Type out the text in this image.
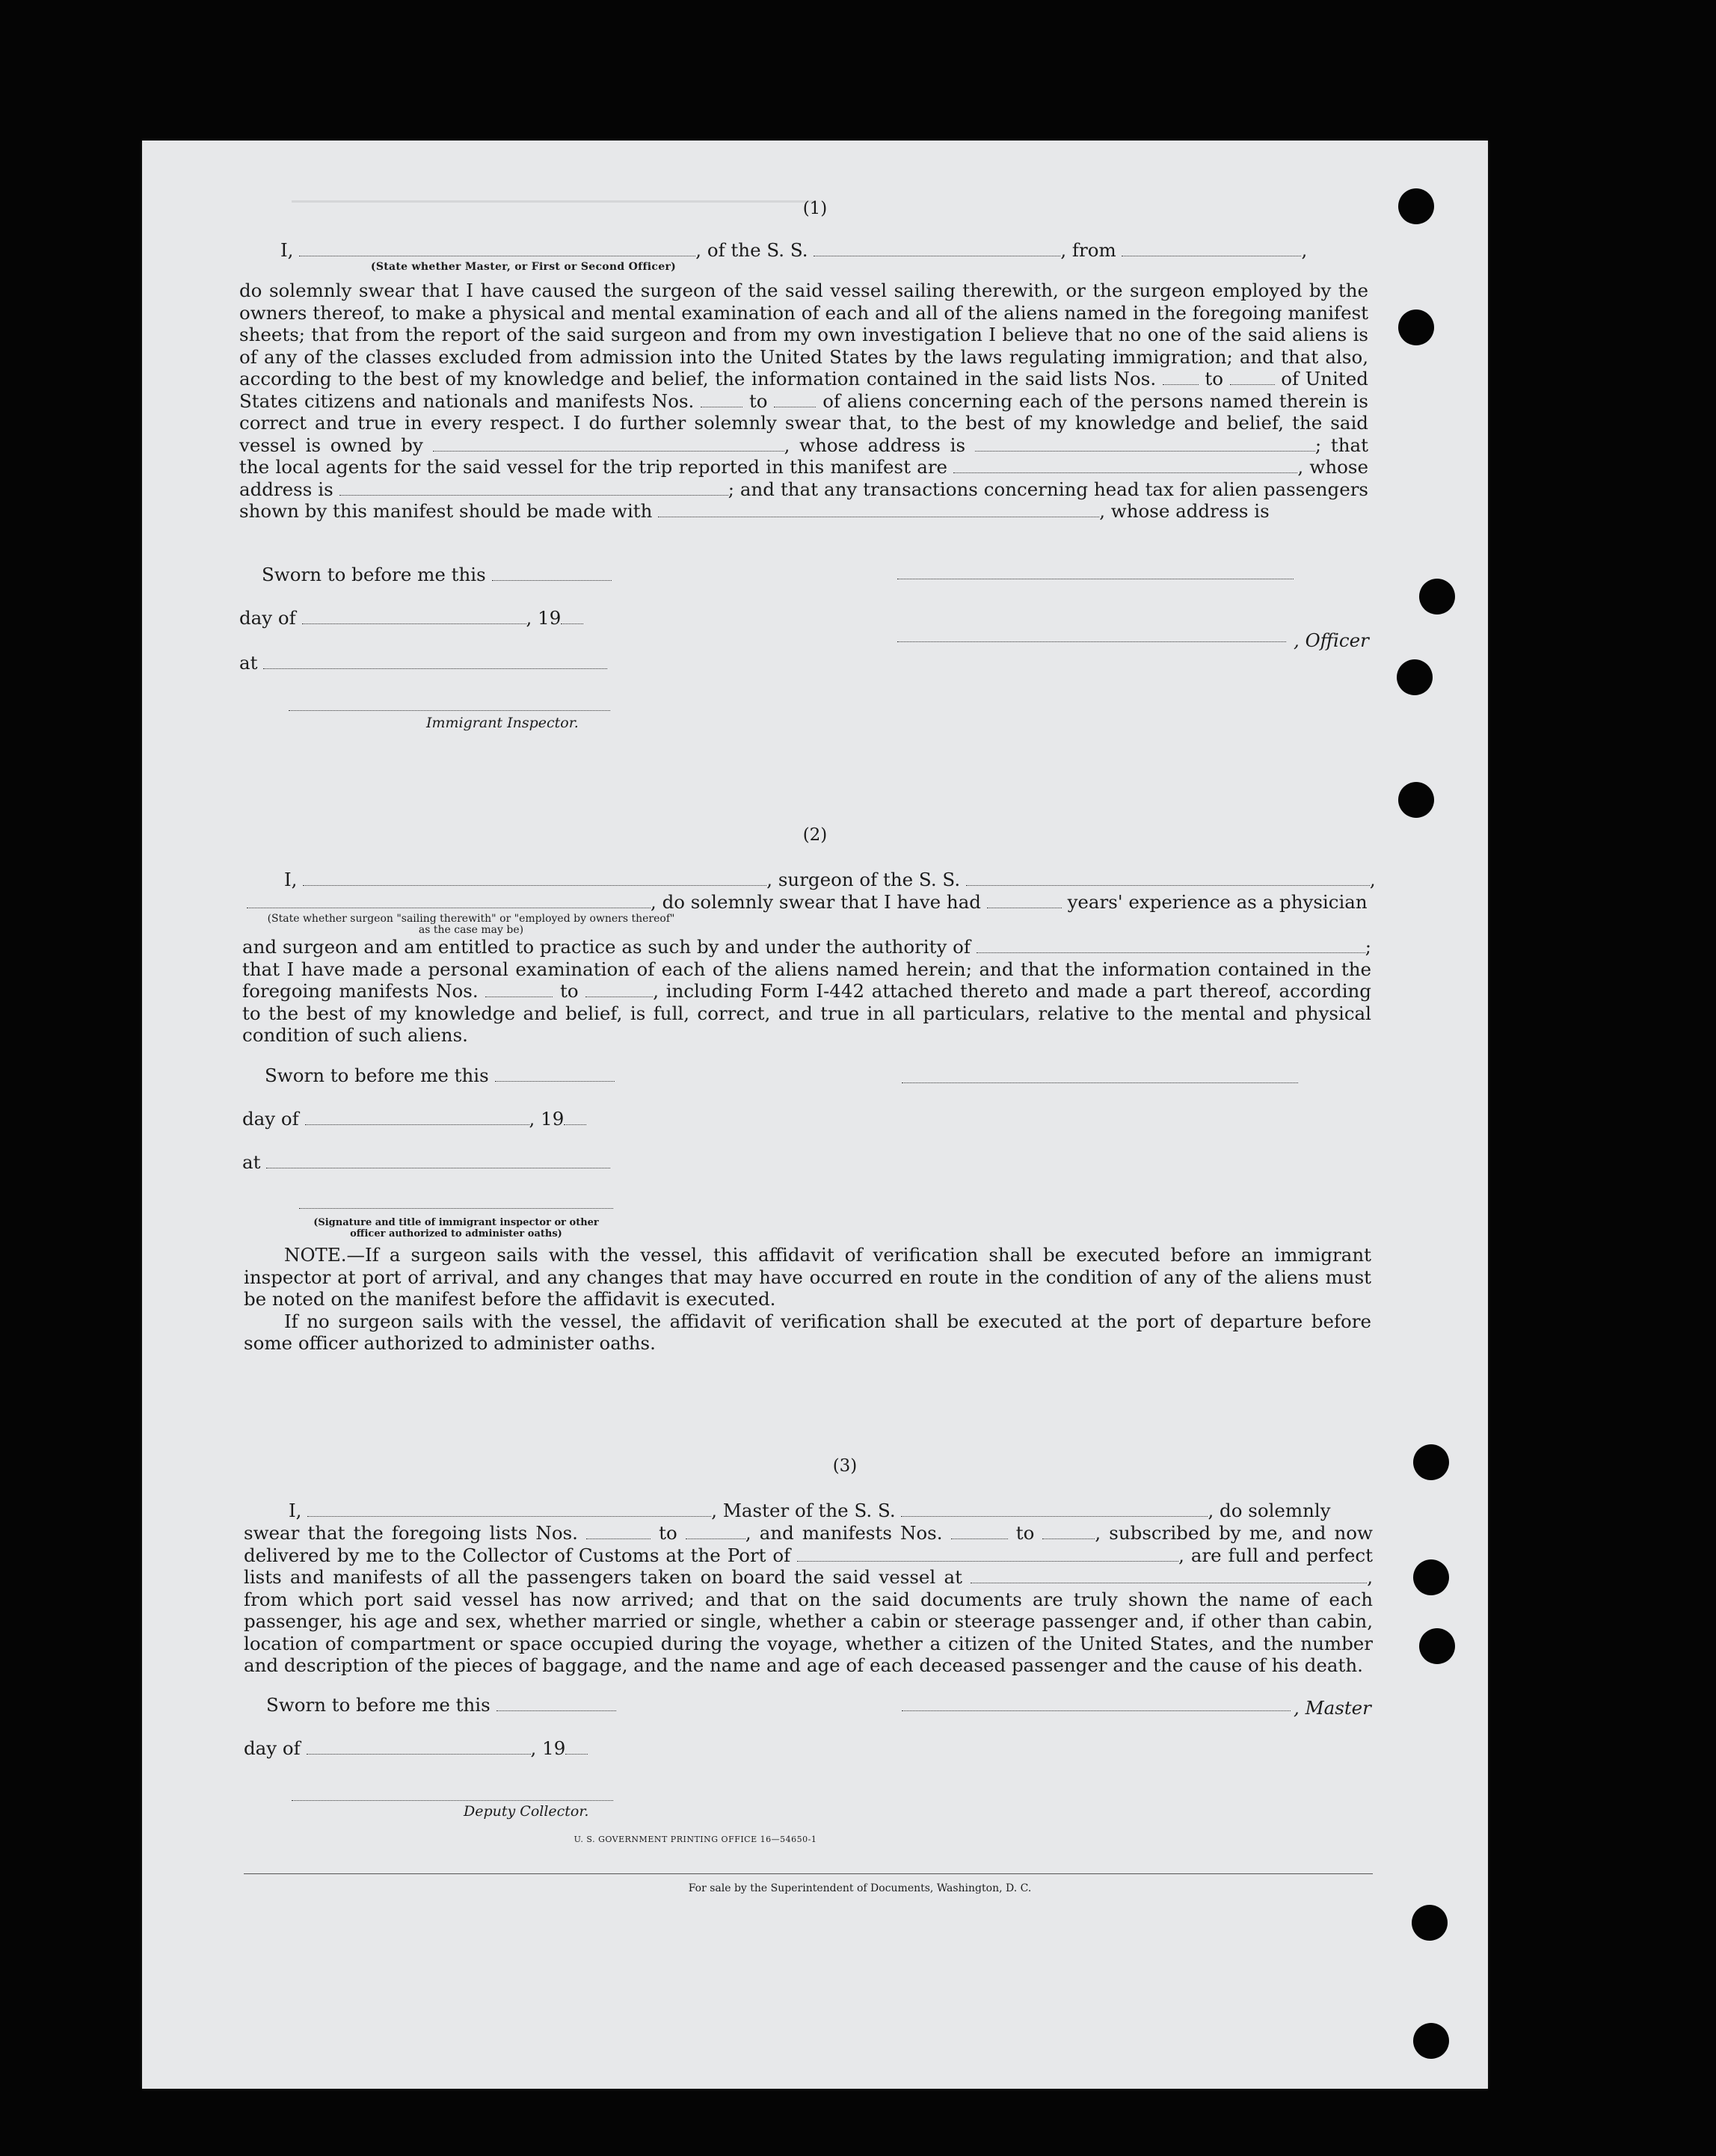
(1)
I,	, of the S. S.	, from	,
(State whether Master, or First or Second Officer)

do solemnly swear that I have caused the surgeon of the said vessel sailing therewith, or the surgeon employed by the owners thereof, to make a physical and mental examination of each and all of the aliens named in the foregoing manifest sheets; that from the report of the said surgeon and from my own investigation I believe that no one of the said aliens is of any of the classes excluded from admission into the United States by the laws regulating immigration; and that also, according to the best of my knowledge and belief, the information contained in the said lists Nos.	to	of United States citizens and nationals and manifests Nos.	to	of aliens concerning each of the persons named therein is correct and true in every respect. I do further solemnly swear that, to the best of my knowledge and belief, the said vessel is owned by	, whose address is	; that the local agents for the said vessel for the trip reported in this manifest are	, whose address is	; and that any transactions concerning head tax for alien passengers shown by this manifest should be made with	, whose address is

Sworn to before me this
day of	, 19
, Officer
at
Immigrant Inspector.
(2)
I,	, surgeon of the S. S.	,
, do solemnly swear that I have had	years' experience as a physician
(State whether surgeon "sailing therewith" or "employed by owners thereof" as the case may be)

and surgeon and am entitled to practice as such by and under the authority of	; that I have made a personal examination of each of the aliens named herein; and that the information contained in the foregoing manifests Nos.	to	, including Form I-442 attached thereto and made a part thereof, according to the best of my knowledge and belief, is full, correct, and true in all particulars, relative to the mental and physical condition of such aliens.

Sworn to before me this
day of	, 19
at
(Signature and title of immigrant inspector or other officer authorized to administer oaths)

NOTE.—If a surgeon sails with the vessel, this affidavit of verification shall be executed before an immigrant inspector at port of arrival, and any changes that may have occurred en route in the condition of any of the aliens must be noted on the manifest before the affidavit is executed.

If no surgeon sails with the vessel, the affidavit of verification shall be executed at the port of departure before some officer authorized to administer oaths.

(3)
I,	, Master of the S. S.	, do solemnly

swear that the foregoing lists Nos.	to	, and manifests Nos.	to	, subscribed by me, and now delivered by me to the Collector of Customs at the Port of	, are full and perfect lists and manifests of all the passengers taken on board the said vessel at	, from which port said vessel has now arrived; and that on the said documents are truly shown the name of each passenger, his age and sex, whether married or single, whether a cabin or steerage passenger and, if other than cabin, location of compartment or space occupied during the voyage, whether a citizen of the United States, and the number and description of the pieces of baggage, and the name and age of each deceased passenger and the cause of his death.

Sworn to before me this	, Master
day of	, 19
Deputy Collector.
U. S. GOVERNMENT PRINTING OFFICE 16—54650-1
For sale by the Superintendent of Documents, Washington, D. C.
